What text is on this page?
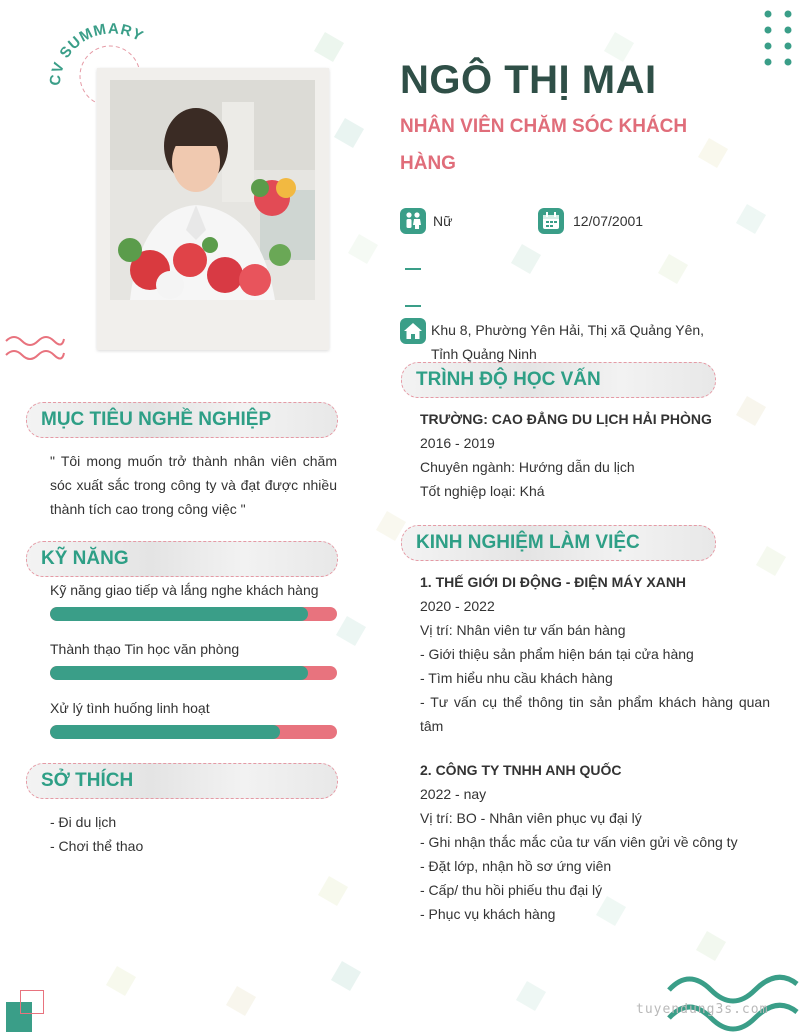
CV SUMMARY
NGÔ THỊ MAI
NHÂN VIÊN CHĂM SÓC KHÁCH HÀNG
Nữ	12/07/2001
Khu 8, Phường Yên Hải, Thị xã Quảng Yên, Tỉnh Quảng Ninh
MỤC TIÊU NGHỀ NGHIỆP
" Tôi mong muốn trở thành nhân viên chăm sóc xuất sắc trong công ty và đạt được nhiều thành tích cao trong công việc "
KỸ NĂNG
Kỹ năng giao tiếp và lắng nghe khách hàng
Thành thạo Tin học văn phòng
Xử lý tình huống linh hoạt
SỞ THÍCH
- Đi du lịch
- Chơi thể thao
TRÌNH ĐỘ HỌC VẤN
TRƯỜNG: CAO ĐẲNG DU LỊCH HẢI PHÒNG
2016 - 2019
Chuyên ngành: Hướng dẫn du lịch
Tốt nghiệp loại: Khá
KINH NGHIỆM LÀM VIỆC
1. THẾ GIỚI DI ĐỘNG - ĐIỆN MÁY XANH
2020 - 2022
Vị trí: Nhân viên tư vấn bán hàng
- Giới thiệu sản phẩm hiện bán tại cửa hàng
- Tìm hiểu nhu cầu khách hàng
- Tư vấn cụ thể thông tin sản phẩm khách hàng quan tâm
2. CÔNG TY TNHH ANH QUỐC
2022 - nay
Vị trí: BO - Nhân viên phục vụ đại lý
- Ghi nhận thắc mắc của tư vấn viên gửi về công ty
- Đặt lớp, nhận hồ sơ ứng viên
- Cấp/ thu hồi phiếu thu đại lý
- Phục vụ khách hàng
tuyendung3s.com
